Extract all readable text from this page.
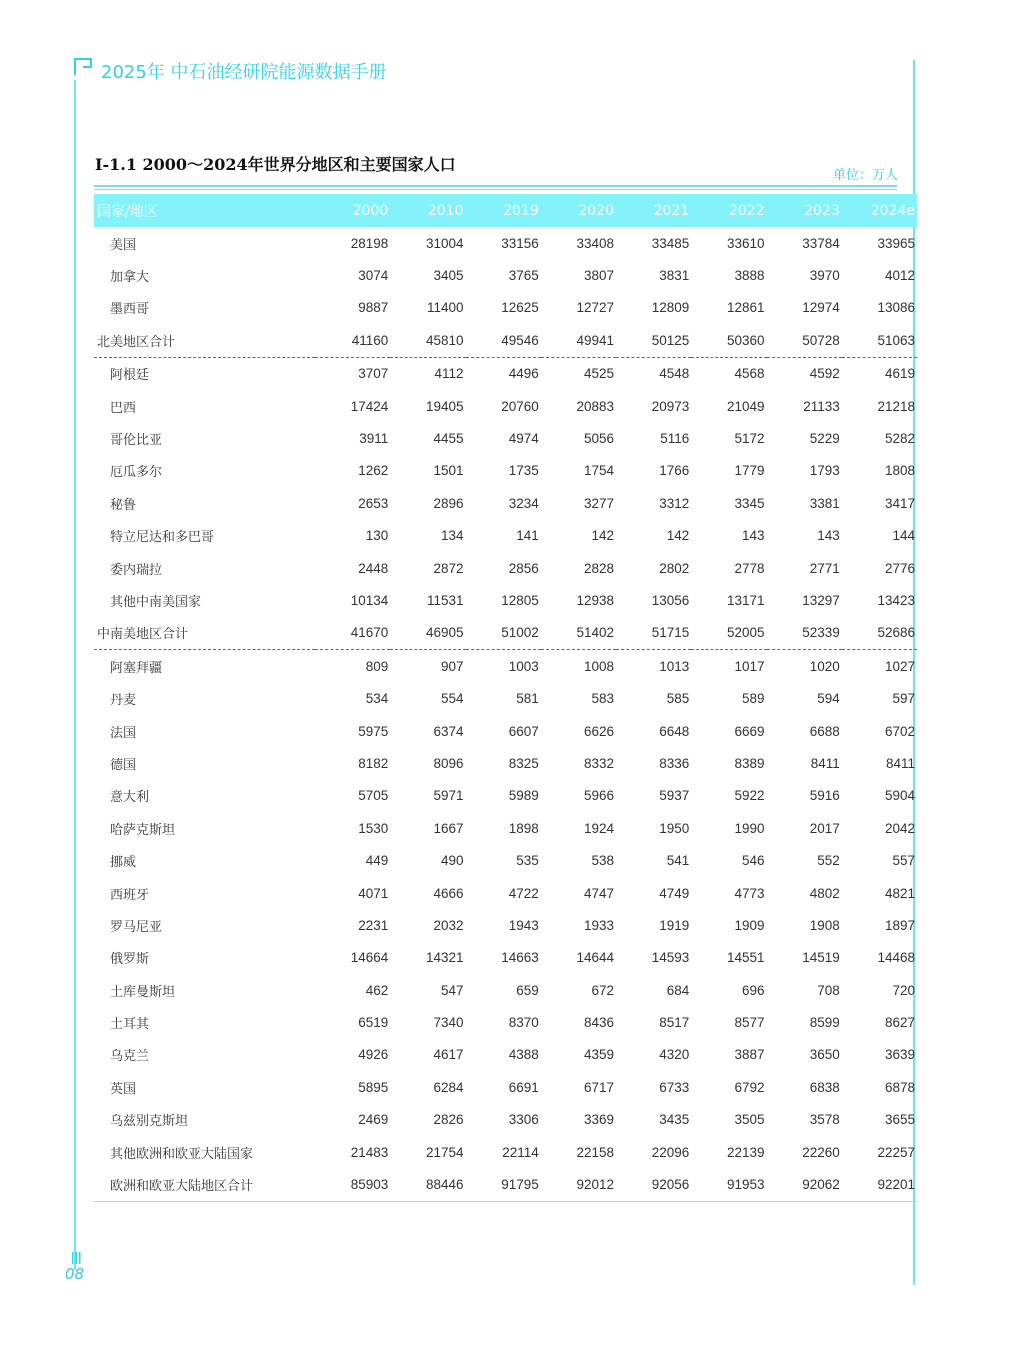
2025年 中石油经研院能源数据手册
I-1.1 2000～2024年世界分地区和主要国家人口
单位：万人
国家/地区	2000	2010	2019	2020	2021	2022	2023	2024e
美国	28198	31004	33156	33408	33485	33610	33784	33965
加拿大	3074	3405	3765	3807	3831	3888	3970	4012
墨西哥	9887	11400	12625	12727	12809	12861	12974	13086
北美地区合计	41160	45810	49546	49941	50125	50360	50728	51063
阿根廷	3707	4112	4496	4525	4548	4568	4592	4619
巴西	17424	19405	20760	20883	20973	21049	21133	21218
哥伦比亚	3911	4455	4974	5056	5116	5172	5229	5282
厄瓜多尔	1262	1501	1735	1754	1766	1779	1793	1808
秘鲁	2653	2896	3234	3277	3312	3345	3381	3417
特立尼达和多巴哥	130	134	141	142	142	143	143	144
委内瑞拉	2448	2872	2856	2828	2802	2778	2771	2776
其他中南美国家	10134	11531	12805	12938	13056	13171	13297	13423
中南美地区合计	41670	46905	51002	51402	51715	52005	52339	52686
阿塞拜疆	809	907	1003	1008	1013	1017	1020	1027
丹麦	534	554	581	583	585	589	594	597
法国	5975	6374	6607	6626	6648	6669	6688	6702
德国	8182	8096	8325	8332	8336	8389	8411	8411
意大利	5705	5971	5989	5966	5937	5922	5916	5904
哈萨克斯坦	1530	1667	1898	1924	1950	1990	2017	2042
挪威	449	490	535	538	541	546	552	557
西班牙	4071	4666	4722	4747	4749	4773	4802	4821
罗马尼亚	2231	2032	1943	1933	1919	1909	1908	1897
俄罗斯	14664	14321	14663	14644	14593	14551	14519	14468
土库曼斯坦	462	547	659	672	684	696	708	720
土耳其	6519	7340	8370	8436	8517	8577	8599	8627
乌克兰	4926	4617	4388	4359	4320	3887	3650	3639
英国	5895	6284	6691	6717	6733	6792	6838	6878
乌兹别克斯坦	2469	2826	3306	3369	3435	3505	3578	3655
其他欧洲和欧亚大陆国家	21483	21754	22114	22158	22096	22139	22260	22257
欧洲和欧亚大陆地区合计	85903	88446	91795	92012	92056	91953	92062	92201
08
